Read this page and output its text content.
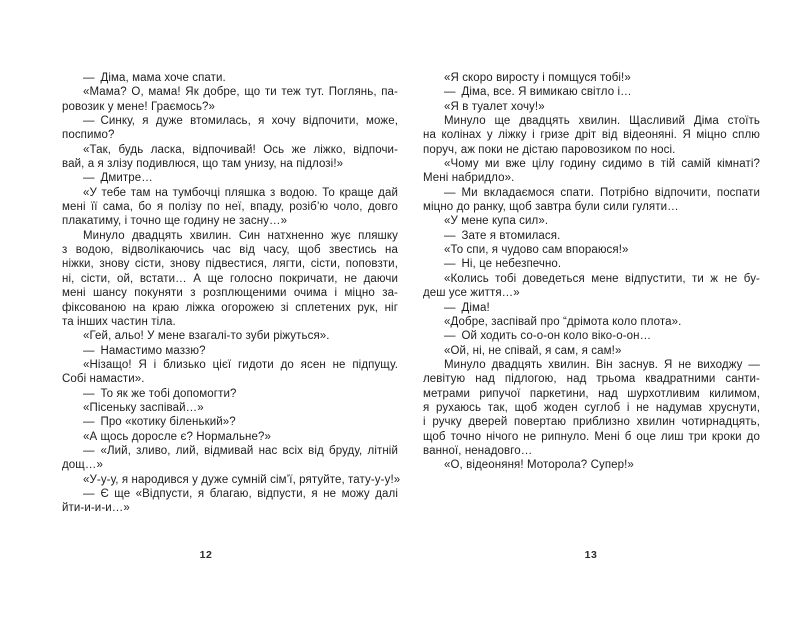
— Діма, мама хоче спати.
«Мама? О, мама! Як добре, що ти теж тут. Поглянь, па-
ровозик у мене! Граємось?»
— Синку, я дуже втомилась, я хочу відпочити, може,
поспимо?
«Так, будь ласка, відпочивай! Ось же ліжко, відпочи-
вай, а я злізу подивлюся, що там унизу, на підлозі!»
— Дмитре…
«У тебе там на тумбочці пляшка з водою. То краще дай
мені її сама, бо я полізу по неї, впаду, розіб’ю чоло, довго
плакатиму, і точно ще годину не засну…»
Минуло двадцять хвилин. Син натхненно жує пляшку
з водою, відволікаючись час від часу, щоб звестись на
ніжки, знову сісти, знову підвестися, лягти, сісти, поповзти,
ні, сісти, ой, встати… А ще голосно покричати, не даючи
мені шансу покуняти з розплющеними очима і міцно за-
фіксованою на краю ліжка огорожею зі сплетених рук, ніг
та інших частин тіла.
«Гей, альо! У мене взагалі-то зуби ріжуться».
— Намастимо маззю?
«Нізащо! Я і близько цієї гидоти до ясен не підпущу.
Собі намасти».
— То як же тобі допомогти?
«Пісеньку заспівай…»
— Про «котику біленький»?
«А щось доросле є? Нормальне?»
— «Лий, зливо, лий, відмивай нас всіх від бруду, літній
дощ…»
«У-у-у, я народився у дуже сумній сім’ї, рятуйте, тату-у-у!»
— Є ще «Відпусти, я благаю, відпусти, я не можу далі
йти-и-и-и…»
12
«Я скоро виросту і помщуся тобі!»
— Діма, все. Я вимикаю світло і…
«Я в туалет хочу!»
Минуло ще двадцять хвилин. Щасливий Діма стоїть
на колінах у ліжку і гризе дріт від відеоняні. Я міцно сплю
поруч, аж поки не дістаю паровозиком по носі.
«Чому ми вже цілу годину сидимо в тій самій кімнаті?
Мені набридло».
— Ми вкладаємося спати. Потрібно відпочити, поспати
міцно до ранку, щоб завтра були сили гуляти…
«У мене купа сил».
— Зате я втомилася.
«То спи, я чудово сам впораюся!»
— Ні, це небезпечно.
«Колись тобі доведеться мене відпустити, ти ж не бу-
деш усе життя…»
— Діма!
«Добре, заспівай про “дрімота коло плота».
— Ой ходить со-о-он коло віко-о-он…
«Ой, ні, не співай, я сам, я сам!»
Минуло двадцять хвилин. Він заснув. Я не виходжу —
левітую над підлогою, над трьома квадратними санти-
метрами рипучої паркетини, над шурхотливим килимом,
я рухаюсь так, щоб жоден суглоб і не надумав хруснути,
і ручку дверей повертаю приблизно хвилин чотирнадцять,
щоб точно нічого не рипнуло. Мені б оце лиш три кроки до
ванної, ненадовго…
«О, відеоняня! Моторола? Супер!»
13
